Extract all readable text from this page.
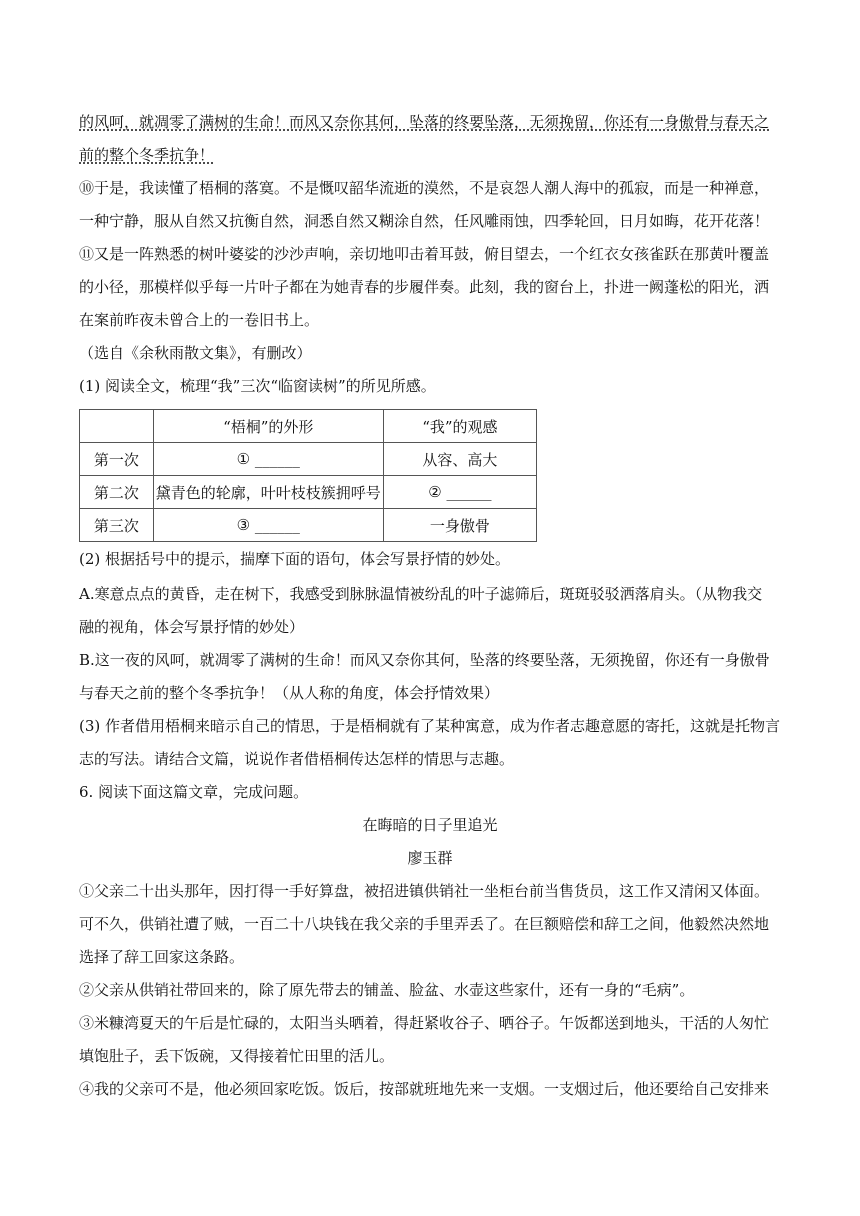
的风呵，就凋零了满树的生命！而风又奈你其何，坠落的终要坠落，无须挽留，你还有一身傲骨与春天之
前的整个冬季抗争！
⑩于是，我读懂了梧桐的落寞。不是慨叹韶华流逝的漠然，不是哀怨人潮人海中的孤寂，而是一种禅意，
一种宁静，服从自然又抗衡自然，洞悉自然又糊涂自然，任风雕雨蚀，四季轮回，日月如晦，花开花落！
⑪又是一阵熟悉的树叶婆娑的沙沙声响，亲切地叩击着耳鼓，俯目望去，一个红衣女孩雀跃在那黄叶覆盖
的小径，那模样似乎每一片叶子都在为她青春的步履伴奏。此刻，我的窗台上，扑进一阙蓬松的阳光，洒
在案前昨夜未曾合上的一卷旧书上。
（选自《余秋雨散文集》，有删改）
(1) 阅读全文，梳理“我”三次“临窗读树”的所见所感。
	“梧桐”的外形	“我”的观感
第一次	① ______	从容、高大
第二次	黛青色的轮廓，叶叶枝枝簇拥呼号	② ______
第三次	③ ______	一身傲骨
(2) 根据括号中的提示，揣摩下面的语句，体会写景抒情的妙处。
A.寒意点点的黄昏，走在树下，我感受到脉脉温情被纷乱的叶子滤筛后，斑斑驳驳洒落肩头。（从物我交
融的视角，体会写景抒情的妙处）
B.这一夜的风呵，就凋零了满树的生命！而风又奈你其何，坠落的终要坠落，无须挽留，你还有一身傲骨
与春天之前的整个冬季抗争！（从人称的角度，体会抒情效果）
(3) 作者借用梧桐来暗示自己的情思，于是梧桐就有了某种寓意，成为作者志趣意愿的寄托，这就是托物言
志的写法。请结合文篇，说说作者借梧桐传达怎样的情思与志趣。
6. 阅读下面这篇文章，完成问题。
在晦暗的日子里追光
廖玉群
①父亲二十出头那年，因打得一手好算盘，被招进镇供销社一坐柜台前当售货员，这工作又清闲又体面。
可不久，供销社遭了贼，一百二十八块钱在我父亲的手里弄丢了。在巨额赔偿和辞工之间，他毅然决然地
选择了辞工回家这条路。
②父亲从供销社带回来的，除了原先带去的铺盖、脸盆、水壶这些家什，还有一身的“毛病”。
③米糠湾夏天的午后是忙碌的，太阳当头晒着，得赶紧收谷子、晒谷子。午饭都送到地头，干活的人匆忙
填饱肚子，丢下饭碗，又得接着忙田里的活儿。
④我的父亲可不是，他必须回家吃饭。饭后，按部就班地先来一支烟。一支烟过后，他还要给自己安排来
